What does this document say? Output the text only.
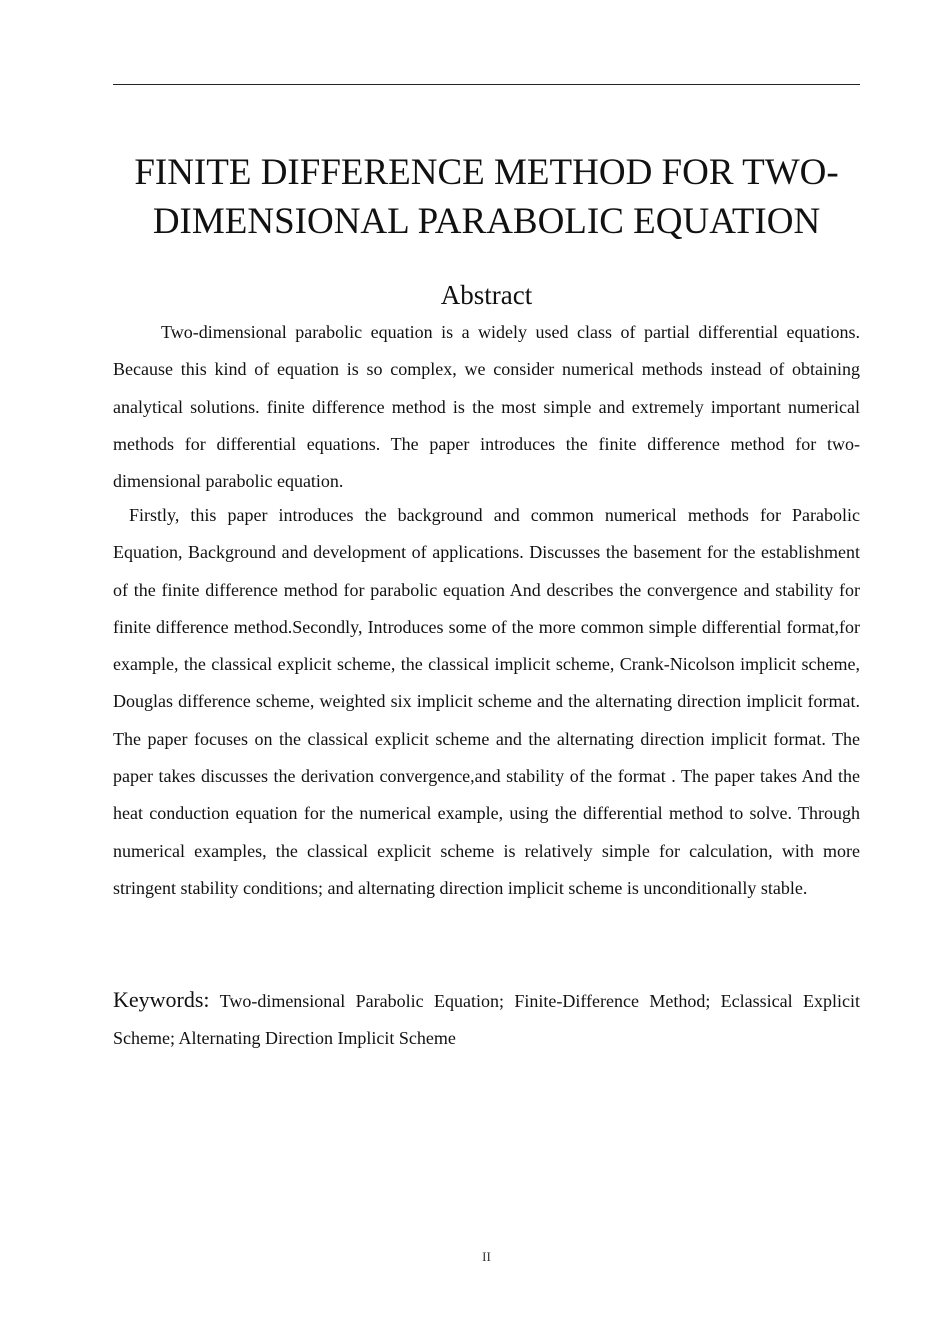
FINITE DIFFERENCE METHOD FOR TWO-DIMENSIONAL PARABOLIC EQUATION
Abstract

Two-dimensional parabolic equation is a widely used class of partial differential equations. Because this kind of equation is so complex, we consider numerical methods instead of obtaining analytical solutions. finite difference method is the most simple and extremely important numerical methods for differential equations. The paper introduces the finite difference method for two-dimensional parabolic equation.

Firstly, this paper introduces the background and common numerical methods for Parabolic Equation, Background and development of applications. Discusses the basement for the establishment of the finite difference method for parabolic equation And describes the convergence and stability for finite difference method.Secondly, Introduces some of the more common simple differential format,for example, the classical explicit scheme, the classical implicit scheme, Crank-Nicolson implicit scheme, Douglas difference scheme, weighted six implicit scheme and the alternating direction implicit format. The paper focuses on the classical explicit scheme and the alternating direction implicit format. The paper takes discusses the derivation convergence,and stability of the format . The paper takes And the heat conduction equation for the numerical example, using the differential method to solve. Through numerical examples, the classical explicit scheme is relatively simple for calculation, with more stringent stability conditions; and alternating direction implicit scheme is unconditionally stable.

Keywords: Two-dimensional Parabolic Equation; Finite-Difference Method; Eclassical Explicit Scheme; Alternating Direction Implicit Scheme

II
